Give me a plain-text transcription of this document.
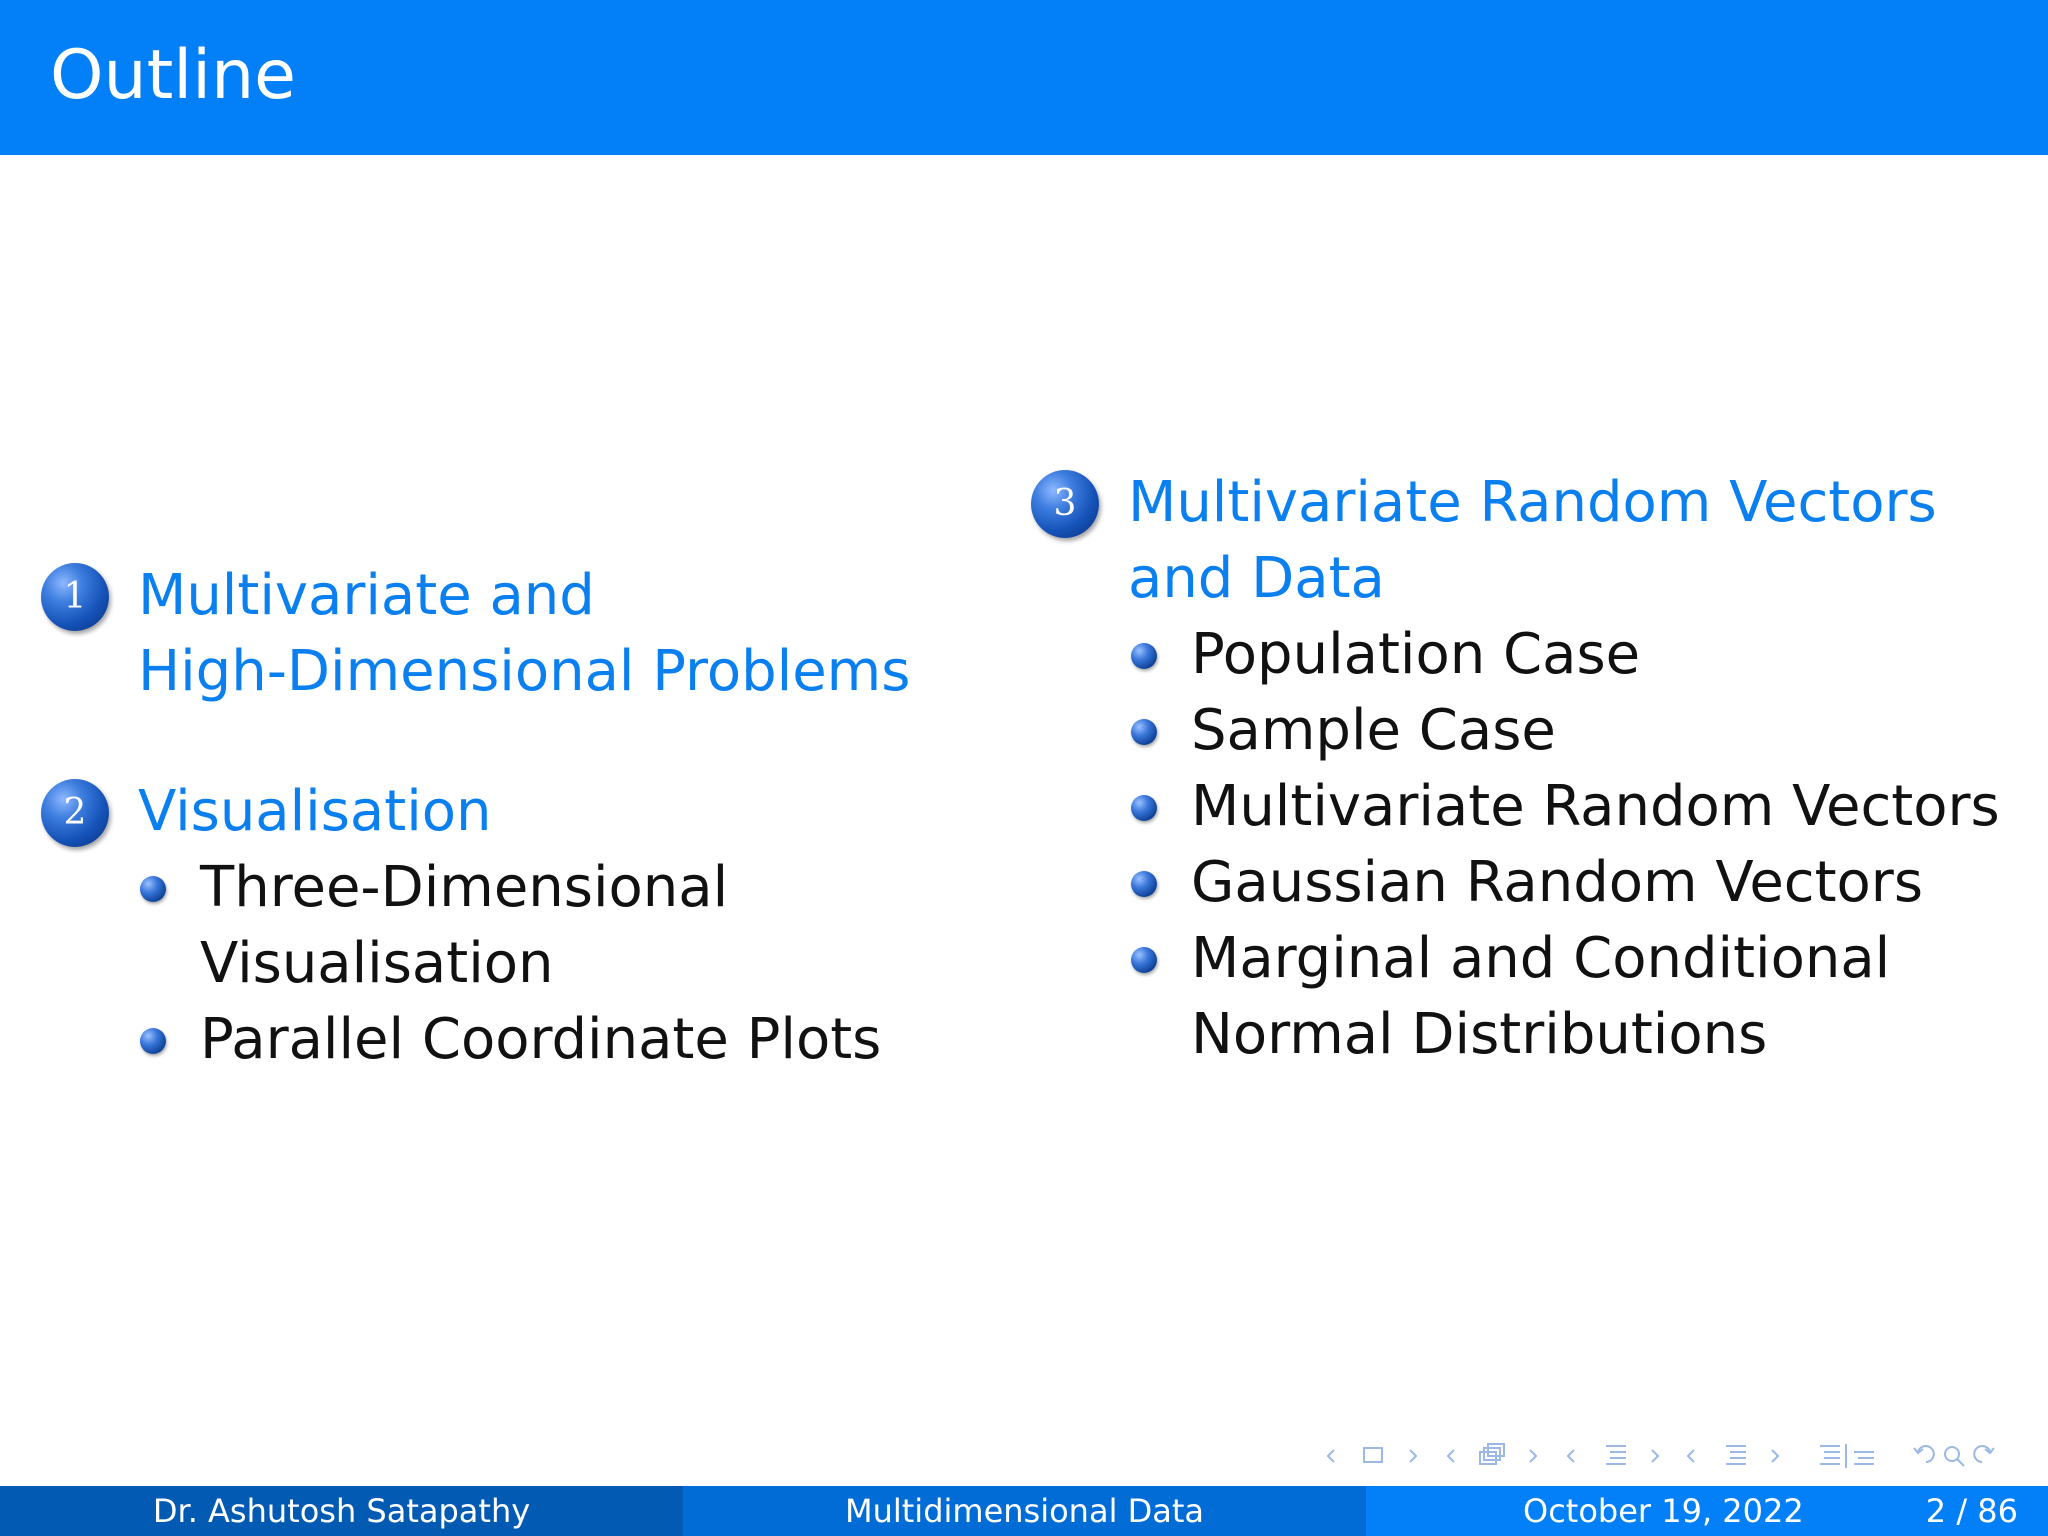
Outline
1 Multivariate and
High-Dimensional Problems
2 Visualisation
Three-Dimensional
Visualisation
Parallel Coordinate Plots
3 Multivariate Random Vectors
and Data
Population Case
Sample Case
Multivariate Random Vectors
Gaussian Random Vectors
Marginal and Conditional
Normal Distributions
Dr. Ashutosh Satapathy	Multidimensional Data	October 19, 2022	2 / 86
